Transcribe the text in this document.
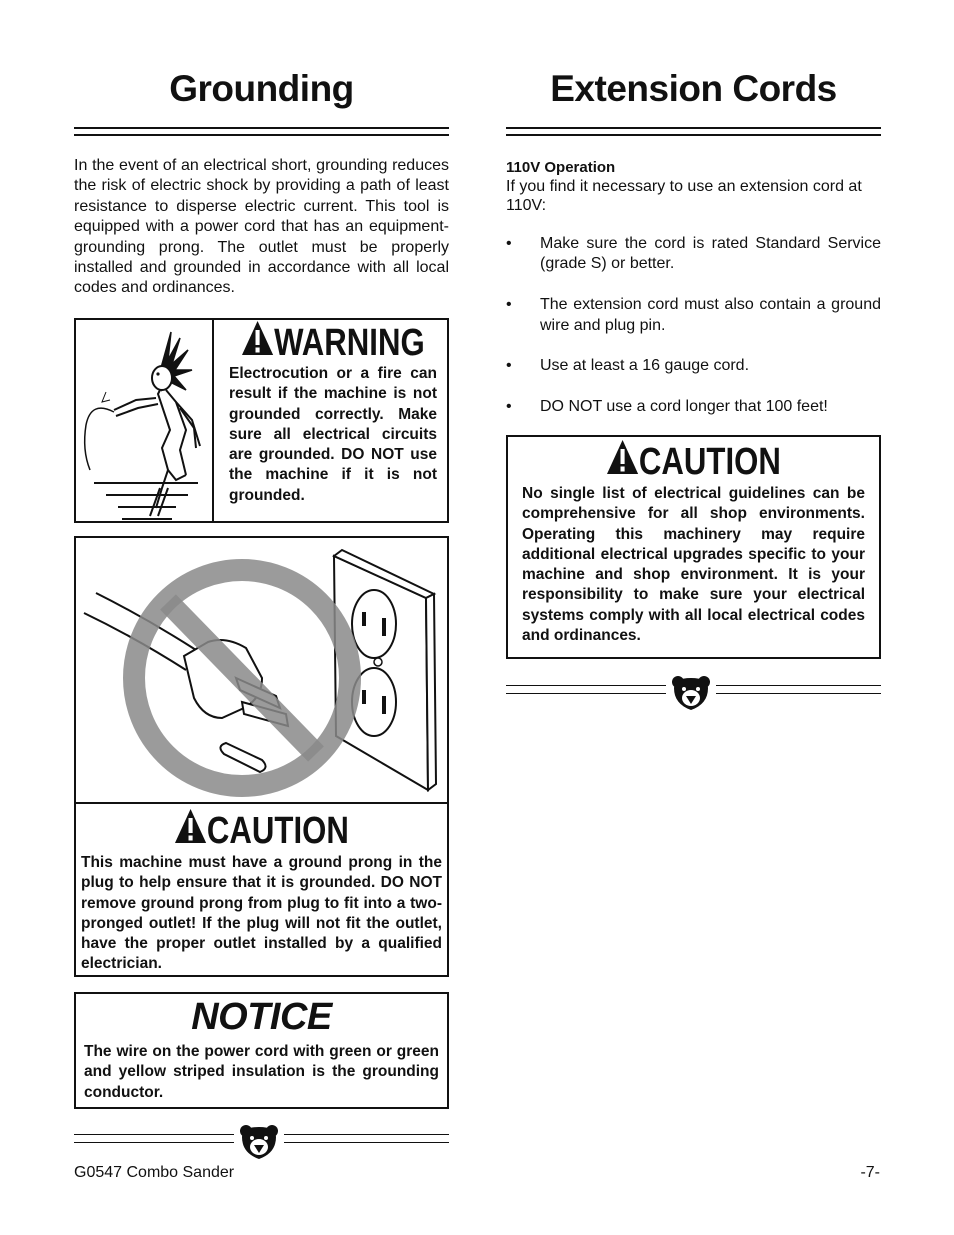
Grounding
In the event of an electrical short, grounding reduces the risk of electric shock by providing a path of least resistance to disperse electric current. This tool is equipped with a power cord that has an equipment-grounding prong. The outlet must be properly installed and grounded in accordance with all local codes and ordinances.
WARNING
Electrocution or a fire can result if the machine is not grounded correctly. Make sure all electrical circuits are grounded. DO NOT use the machine if it is not grounded.
CAUTION
This machine must have a ground prong in the plug to help ensure that it is grounded. DO NOT remove ground prong from plug to fit into a two-pronged outlet! If the plug will not fit the outlet, have the proper outlet installed by a qualified electrician.
NOTICE
The wire on the power cord with green or green and yellow striped insulation is the grounding conductor.
Extension Cords
110V Operation
If you find it necessary to use an extension cord at 110V:
• Make sure the cord is rated Standard Service (grade S) or better.
• The extension cord must also contain a ground wire and plug pin.
• Use at least a 16 gauge cord.
• DO NOT use a cord longer that 100 feet!
CAUTION
No single list of electrical guidelines can be comprehensive for all shop environments. Operating this machinery may require additional electrical upgrades specific to your machine and shop environment. It is your responsibility to make sure your electrical systems comply with all local electrical codes and ordinances.
G0547 Combo Sander	-7-
